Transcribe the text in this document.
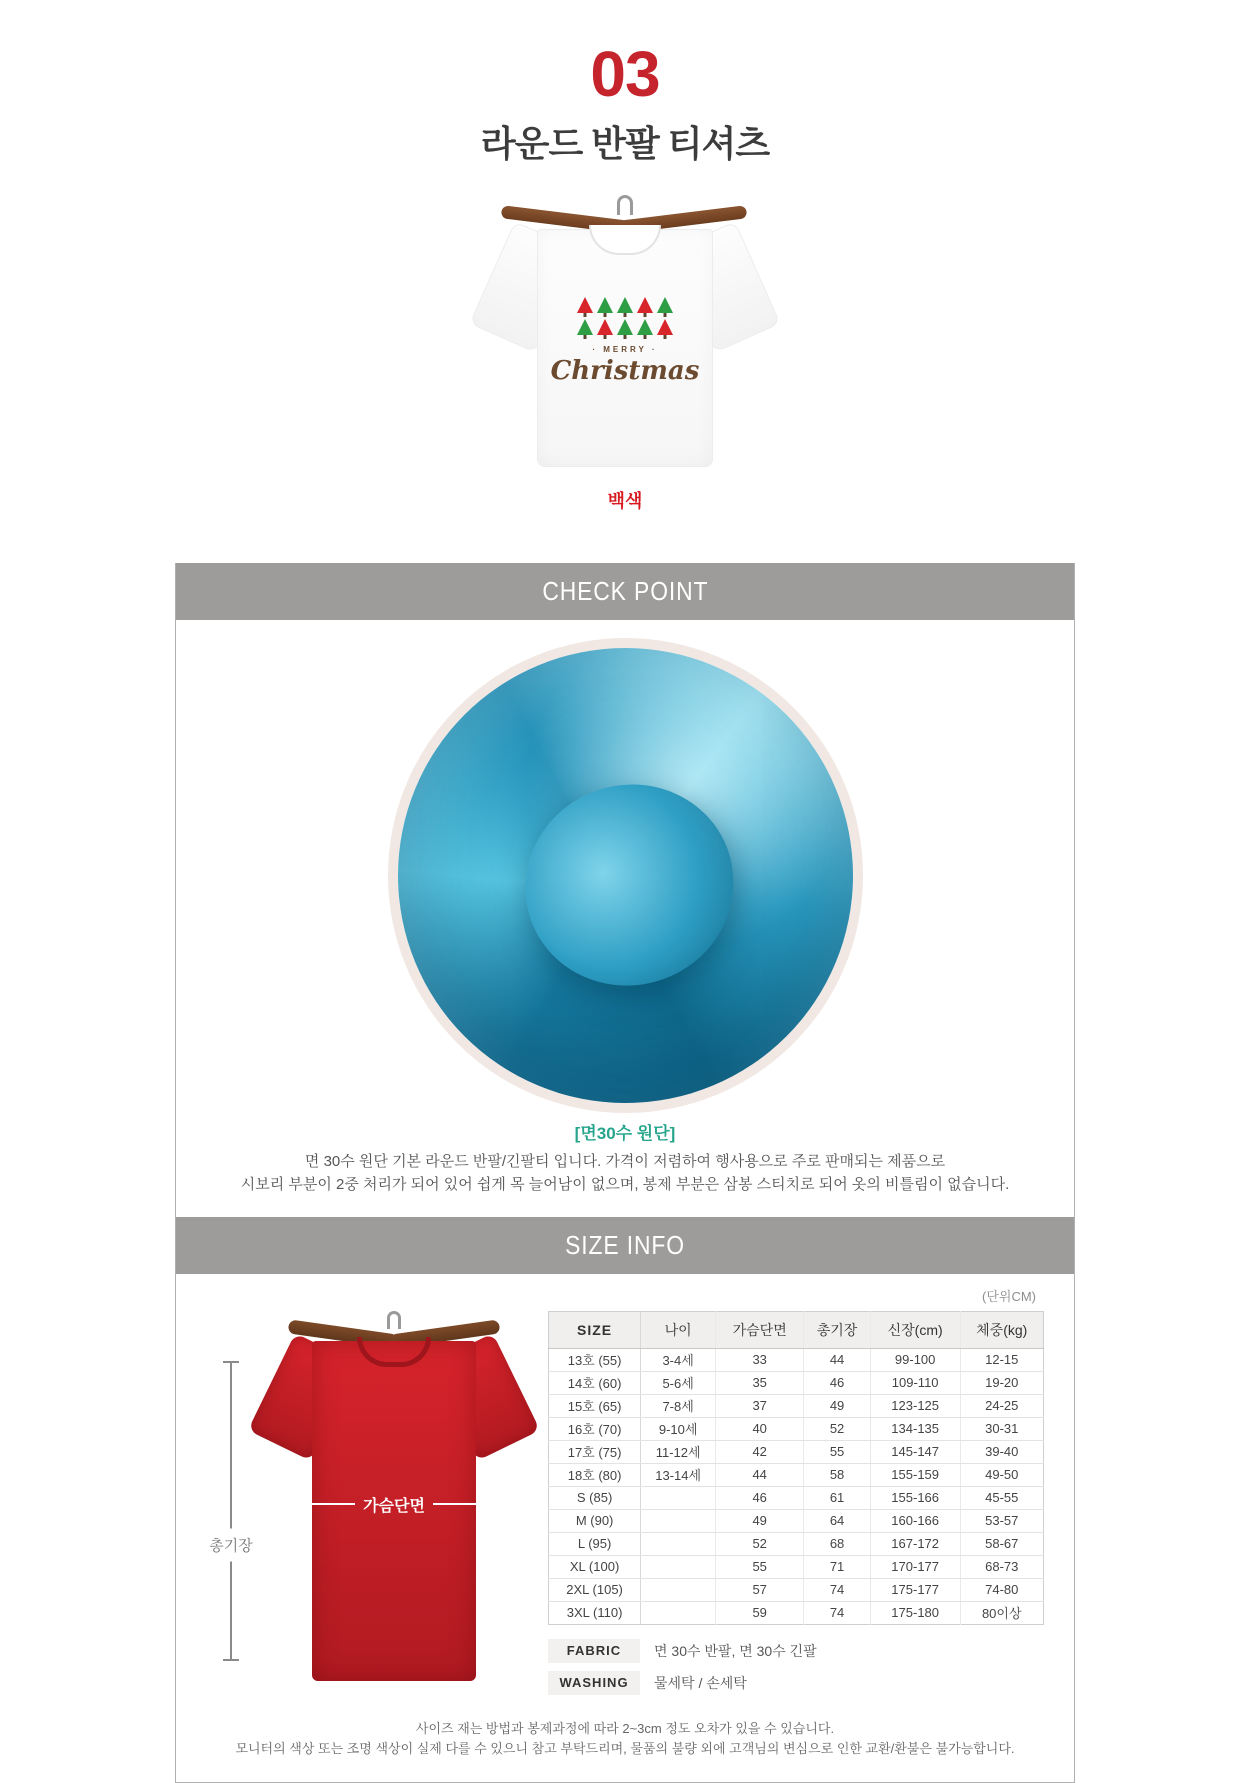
03
라운드 반팔 티셔츠
· MERRY ·
Christmas
백색
CHECK POINT
[면30수 원단]
면 30수 원단 기본 라운드 반팔/긴팔티 입니다. 가격이 저렴하여 행사용으로 주로 판매되는 제품으로
시보리 부분이 2중 처리가 되어 있어 쉽게 목 늘어남이 없으며, 봉제 부분은 삼봉 스티치로 되어 옷의 비틀림이 없습니다.
SIZE INFO
(단위CM)
가슴단면
총기장
SIZE	나이	가슴단면	총기장	신장(cm)	체중(kg)
13호 (55)	3-4세	33	44	99-100	12-15
14호 (60)	5-6세	35	46	109-110	19-20
15호 (65)	7-8세	37	49	123-125	24-25
16호 (70)	9-10세	40	52	134-135	30-31
17호 (75)	11-12세	42	55	145-147	39-40
18호 (80)	13-14세	44	58	155-159	49-50
S (85)		46	61	155-166	45-55
M (90)		49	64	160-166	53-57
L (95)		52	68	167-172	58-67
XL (100)		55	71	170-177	68-73
2XL (105)		57	74	175-177	74-80
3XL (110)		59	74	175-180	80이상
FABRIC	면 30수 반팔, 면 30수 긴팔
WASHING	물세탁 / 손세탁
사이즈 재는 방법과 봉제과정에 따라 2~3cm 정도 오차가 있을 수 있습니다.
모니터의 색상 또는 조명 색상이 실제 다를 수 있으니 참고 부탁드리며, 물품의 불량 외에 고객님의 변심으로 인한 교환/환불은 불가능합니다.
